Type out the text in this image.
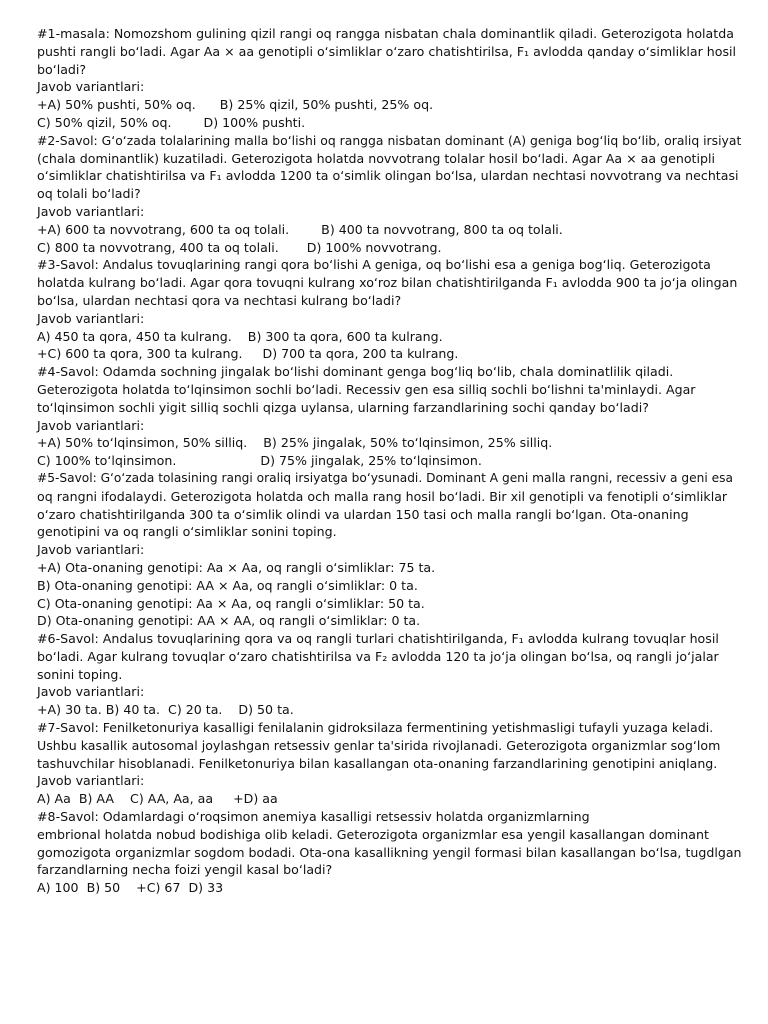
#1-masala: Nomozshom gulining qizil rangi oq rangga nisbatan chala dominantlik qiladi. Geterozigota holatda

pushti rangli boʻladi. Agar Aa × aa genotipli oʻsimliklar oʻzaro chatishtirilsa, F₁ avlodda qanday oʻsimliklar hosil

boʻladi?

Javob variantlari:

+A) 50% pushti, 50% oq.      B) 25% qizil, 50% pushti, 25% oq.

C) 50% qizil, 50% oq.        D) 100% pushti.

#2-Savol: Gʻoʻzada tolalarining malla boʻlishi oq rangga nisbatan dominant (A) geniga bogʻliq boʻlib, oraliq irsiyat

(chala dominantlik) kuzatiladi. Geterozigota holatda novvotrang tolalar hosil boʻladi. Agar Aa × aa genotipli

oʻsimliklar chatishtirilsa va F₁ avlodda 1200 ta oʻsimlik olingan boʻlsa, ulardan nechtasi novvotrang va nechtasi

oq tolali boʻladi?

Javob variantlari:

+A) 600 ta novvotrang, 600 ta oq tolali.        B) 400 ta novvotrang, 800 ta oq tolali.

C) 800 ta novvotrang, 400 ta oq tolali.       D) 100% novvotrang.

#3-Savol: Andalus tovuqlarining rangi qora boʻlishi A geniga, oq boʻlishi esa a geniga bogʻliq. Geterozigota

holatda kulrang boʻladi. Agar qora tovuqni kulrang xoʻroz bilan chatishtirilganda F₁ avlodda 900 ta joʻja olingan

boʻlsa, ulardan nechtasi qora va nechtasi kulrang boʻladi?

Javob variantlari:

A) 450 ta qora, 450 ta kulrang.    B) 300 ta qora, 600 ta kulrang.

+C) 600 ta qora, 300 ta kulrang.     D) 700 ta qora, 200 ta kulrang.

#4-Savol: Odamda sochning jingalak boʻlishi dominant genga bogʻliq boʻlib, chala dominatlilik qiladi.

Geterozigota holatda toʻlqinsimon sochli boʻladi. Recessiv gen esa silliq sochli boʻlishni ta'minlaydi. Agar

toʻlqinsimon sochli yigit silliq sochli qizga uylansa, ularning farzandlarining sochi qanday boʻladi?

Javob variantlari:

+A) 50% toʻlqinsimon, 50% silliq.    B) 25% jingalak, 50% toʻlqinsimon, 25% silliq.

C) 100% toʻlqinsimon.                     D) 75% jingalak, 25% toʻlqinsimon.

#5-Savol: Gʻoʻzada tolasining rangi oraliq irsiyatga boʻysunadi. Dominant A geni malla rangni, recessiv a geni esa

oq rangni ifodalaydi. Geterozigota holatda och malla rang hosil boʻladi. Bir xil genotipli va fenotipli oʻsimliklar

oʻzaro chatishtirilganda 300 ta oʻsimlik olindi va ulardan 150 tasi och malla rangli boʻlgan. Ota-onaning

genotipini va oq rangli oʻsimliklar sonini toping.

Javob variantlari:

+A) Ota-onaning genotipi: Aa × Aa, oq rangli oʻsimliklar: 75 ta.

B) Ota-onaning genotipi: AA × Aa, oq rangli oʻsimliklar: 0 ta.

C) Ota-onaning genotipi: Aa × Aa, oq rangli oʻsimliklar: 50 ta.

D) Ota-onaning genotipi: AA × AA, oq rangli oʻsimliklar: 0 ta.

#6-Savol: Andalus tovuqlarining qora va oq rangli turlari chatishtirilganda, F₁ avlodda kulrang tovuqlar hosil

boʻladi. Agar kulrang tovuqlar oʻzaro chatishtirilsa va F₂ avlodda 120 ta joʻja olingan boʻlsa, oq rangli joʻjalar

sonini toping.

Javob variantlari:

+A) 30 ta. B) 40 ta.  C) 20 ta.    D) 50 ta.

#7-Savol: Fenilketonuriya kasalligi fenilalanin gidroksilaza fermentining yetishmasligi tufayli yuzaga keladi.

Ushbu kasallik autosomal joylashgan retsessiv genlar ta'sirida rivojlanadi. Geterozigota organizmlar sogʻlom

tashuvchilar hisoblanadi. Fenilketonuriya bilan kasallangan ota-onaning farzandlarining genotipini aniqlang.

Javob variantlari:

A) Aa  B) AA    C) AA, Aa, aa     +D) aa

#8-Savol: Odamlardagi oʻroqsimon anemiya kasalligi retsessiv holatda organizmlarning

embrional holatda nobud bodishiga olib keladi. Geterozigota organizmlar esa yengil kasallangan dominant

gomozigota organizmlar sogdom bodadi. Ota-ona kasallikning yengil formasi bilan kasallangan boʻlsa, tugdlgan

farzandlarning necha foizi yengil kasal boʻladi?

A) 100  B) 50    +C) 67  D) 33
